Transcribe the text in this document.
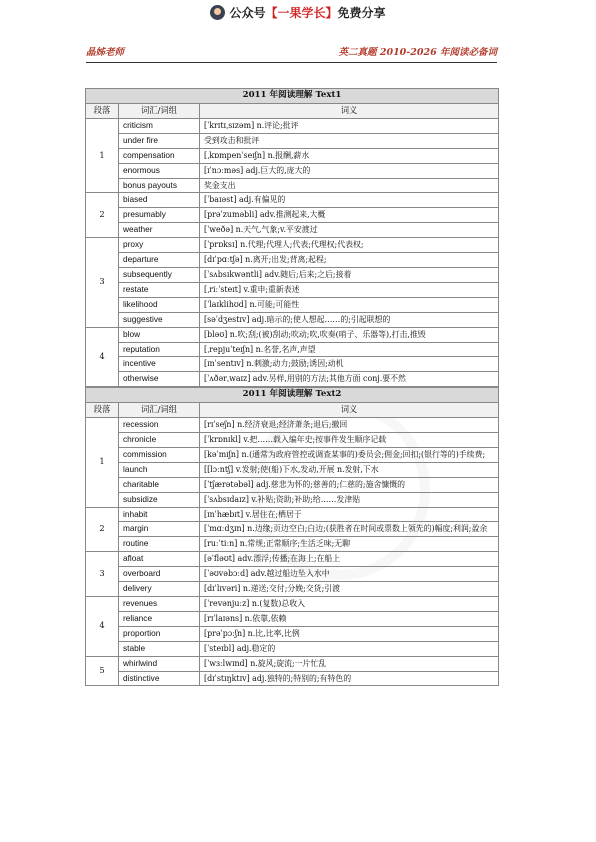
公众号【一果学长】免费分享
晶姊老师	英二真题 2010-2026 年阅读必备词
2011 年阅读理解 Text1		
段落	词汇/词组	词义
1	criticism	[ˈkrɪtɪˌsɪzəm] n.评论;批评
	under fire	受到攻击和批评
	compensation	[ˌkɒmpenˈseɪʃn] n.报酬,薪水
	enormous	[ɪˈnɔːməs] adj.巨大的,庞大的
	bonus payouts	奖金支出
2	biased	[ˈbaɪəst] adj.有偏见的
	presumably	[prəˈzuməbli] adv.推测起来,大概
	weather	[ˈweðə] n.天气,气象;v.平安渡过
3	proxy	[ˈprɒksɪ] n.代理;代理人;代表;代理权;代表权;
	departure	[dɪˈpɑːtʃə] n.离开;出发;背离;起程;
	subsequently	[ˈsʌbsɪkwəntli] adv.随后;后来;之后;接着
	restate	[ˌriːˈsteɪt] v.重申;重新表述
	likelihood	[ˈlaɪklihʊd] n.可能;可能性
	suggestive	[səˈdʒestɪv] adj.暗示的;使人想起……的;引起联想的
4	blow	[bləʊ] n.吹;刮;(被)刮动;吹动;吹,吹奏(哨子、乐器等),打击,推毁
	reputation	[ˌrepjuˈteɪʃn] n.名誉,名声,声望
	incentive	[ɪnˈsentɪv] n.刺激;动力;鼓励;诱因;动机
	otherwise	[ˈʌðərˌwaɪz] adv.另样,用别的方法;其他方面 conj.要不然
2011 年阅读理解 Text2		
段落	词汇/词组	词义
1	recession	[rɪˈseʃn] n.经济衰退;经济萧条;退后;撤回
	chronicle	[ˈkrɒnɪkl] v.把……载入编年史;按事件发生顺序记载
	commission	[kəˈmɪʃn] n.(通常为政府管控或调查某事的)委员会;佣金;回扣;(银行等的)手续费;
	launch	[[lɔːntʃ] v.发射;使(船)下水,发动,开展 n.发射,下水
	charitable	[ˈtʃærətəbəl] adj.慈悲为怀的;慈善的;仁慈的;施舍慷慨的
	subsidize	[ˈsʌbsɪdaɪz] v.补贴;资助;补助;给……发津贴
2	inhabit	[ɪnˈhæbɪt] v.居住在;栖居于
	margin	[ˈmɑːdʒɪn] n.边缘;页边空白;白边;(获胜者在时间或票数上领先的)幅度;利润;盈余
	routine	[ruːˈtiːn] n.常规;正常顺序;生活乏味;无聊
3	afloat	[əˈfləʊt] adv.漂浮;传播;在海上;在船上
	overboard	[ˈəʊvəbɔːd] adv.越过船边坠入水中
	delivery	[dɪˈlɪvəri] n.递送;交付;分娩;交货;引渡
4	revenues	[ˈrevənjuːz] n.(复数)总收入
	reliance	[rɪˈlaɪəns] n.依靠,依赖
	proportion	[prəˈpɔːʃn] n.比,比率,比例
	stable	[ˈsteɪbl] adj.稳定的
5	whirlwind	[ˈwɜːlwɪnd] n.旋风;旋流;一片忙乱
	distinctive	[dɪˈstɪŋktɪv] adj.独特的;特别的;有特色的
